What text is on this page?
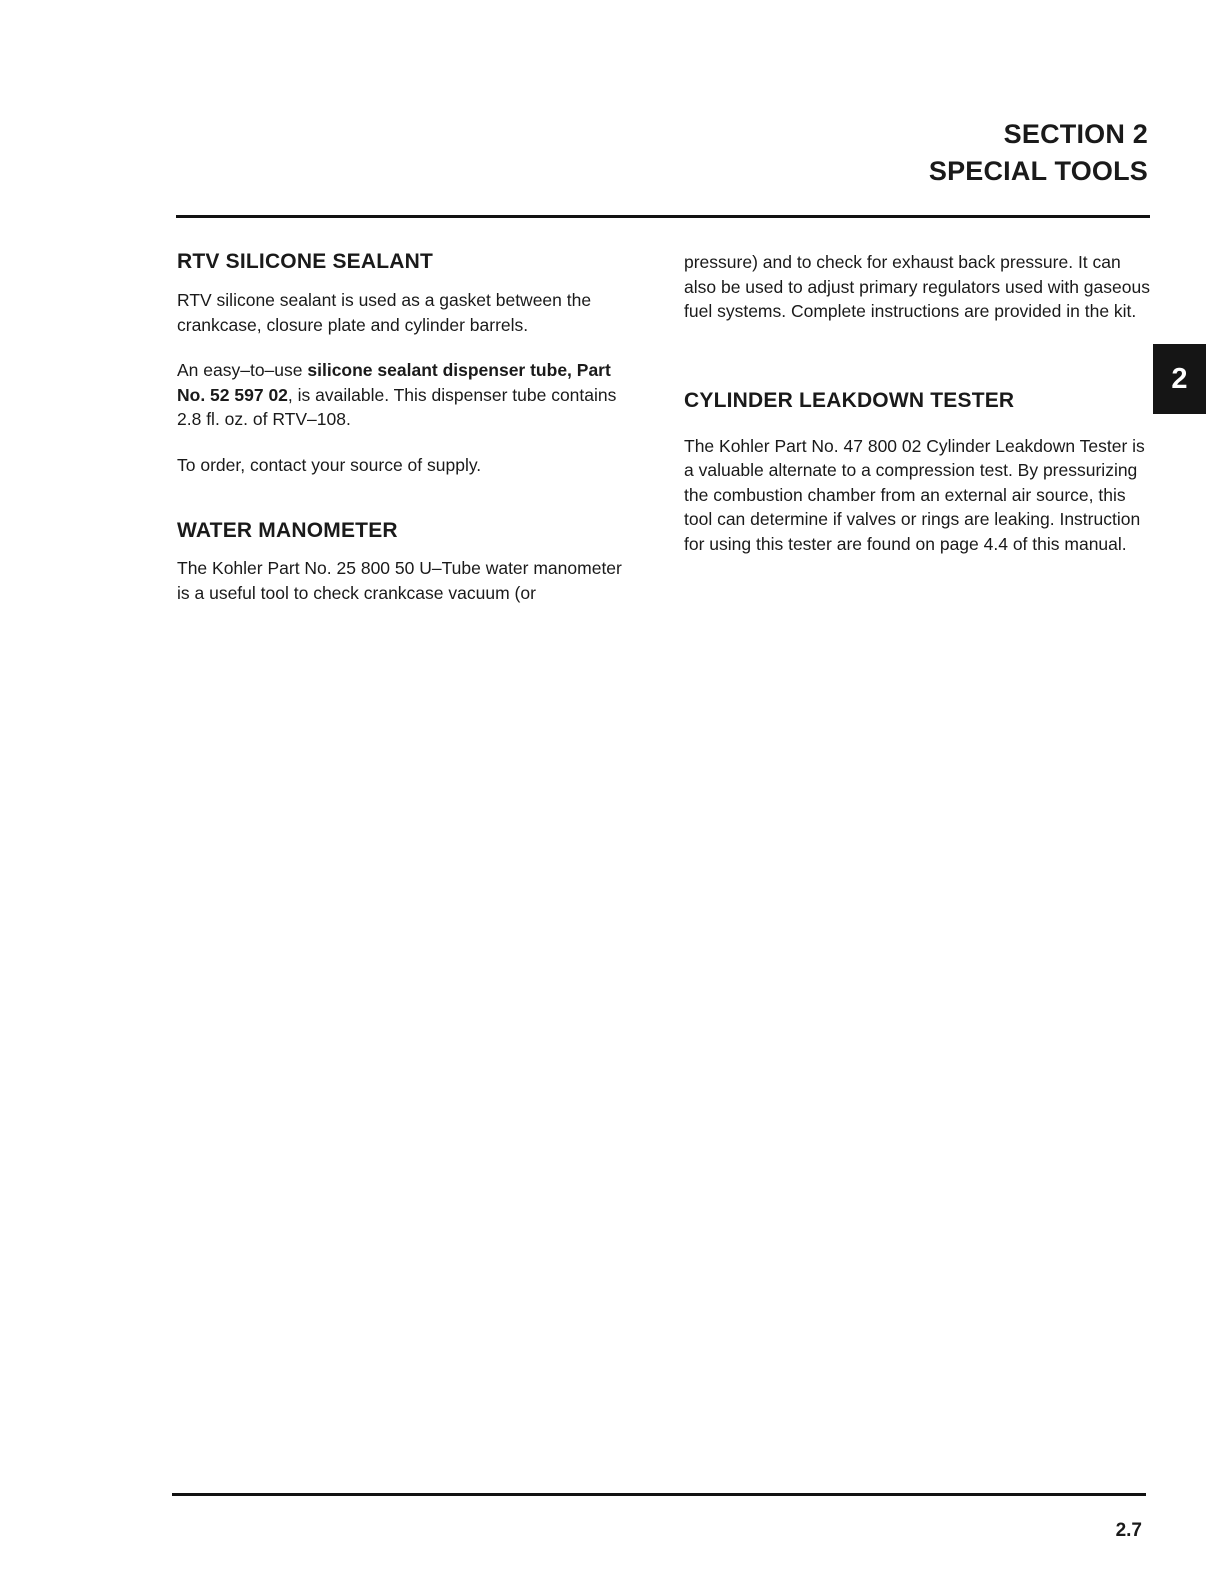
SECTION 2
SPECIAL TOOLS
2
RTV SILICONE SEALANT

RTV silicone sealant is used as a gasket between the crankcase, closure plate and cylinder barrels.

An easy–to–use silicone sealant dispenser tube, Part No. 52 597 02, is available. This dispenser tube contains 2.8 fl. oz. of RTV–108.

To order, contact your source of supply.

WATER MANOMETER

The Kohler Part No. 25 800 50 U–Tube water manometer is a useful tool to check crankcase vacuum (or

pressure) and to check for exhaust back pressure. It can also be used to adjust primary regulators used with gaseous fuel systems. Complete instructions are provided in the kit.

CYLINDER LEAKDOWN TESTER

The Kohler Part No. 47 800 02 Cylinder Leakdown Tester is a valuable alternate to a compression test. By pressurizing the combustion chamber from an external air source, this tool can determine if valves or rings are leaking. Instruction for using this tester are found on page 4.4 of this manual.

2.7
